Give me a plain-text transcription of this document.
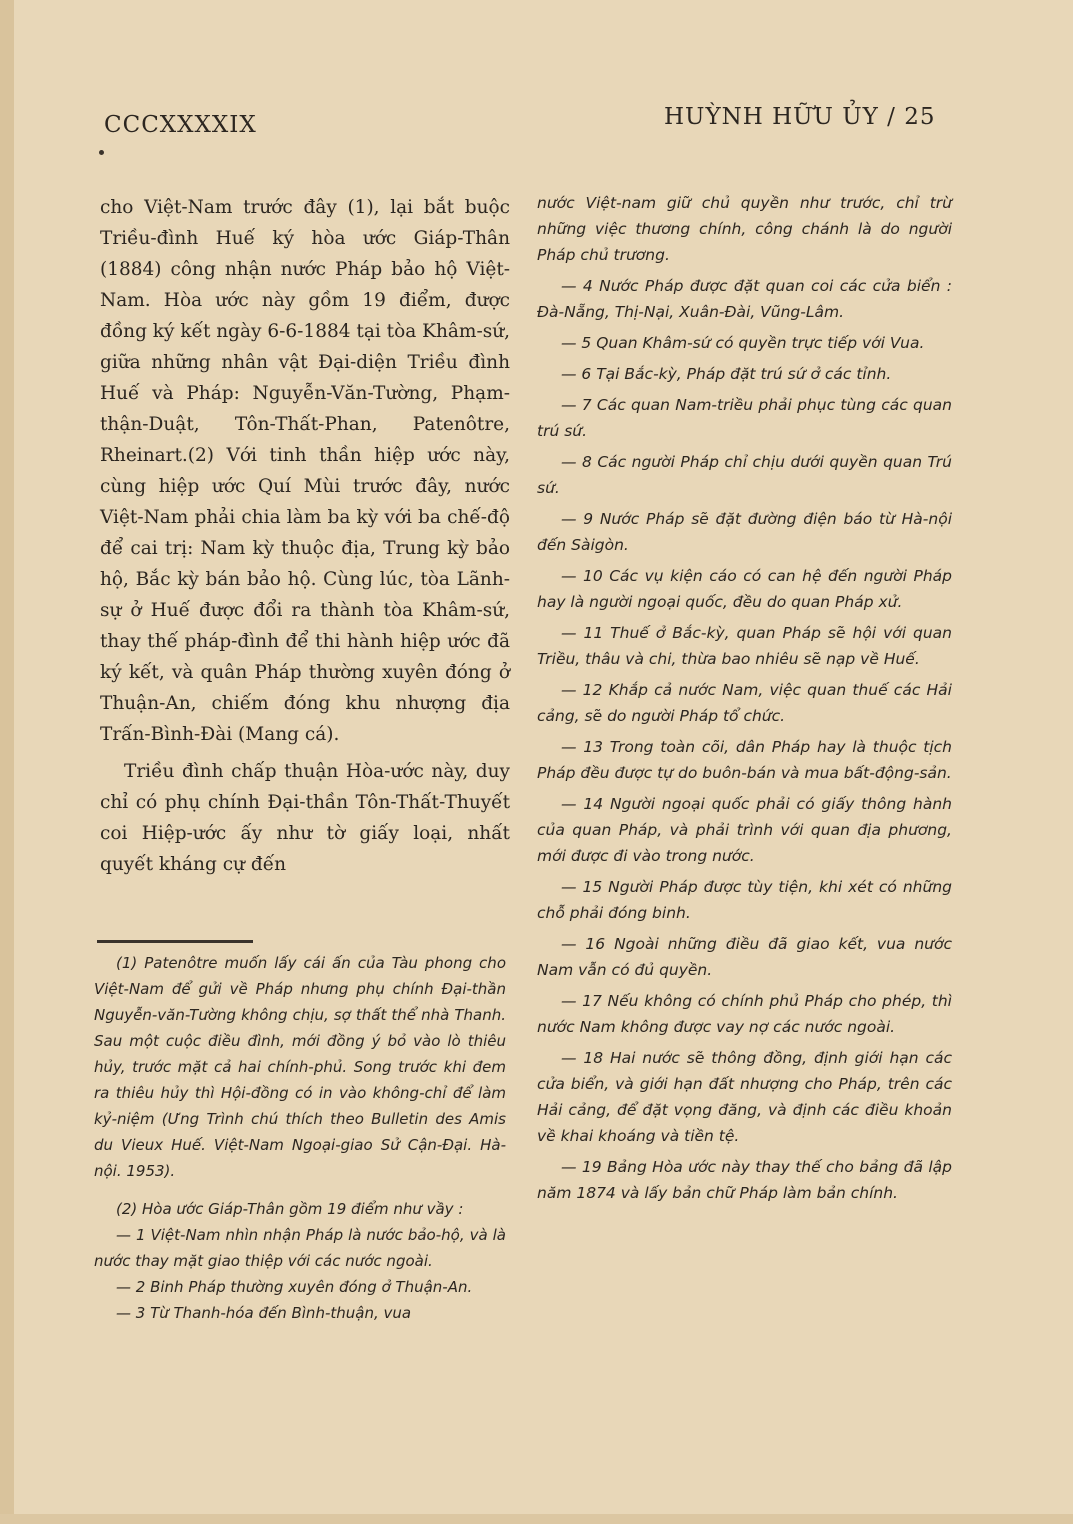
CCCXXXXIX	HUỲNH HỮU ỦY / 25

cho Việt-Nam trước đây (1), lại bắt buộc Triều-đình Huế ký hòa ước Giáp-Thân (1884) công nhận nước Pháp bảo hộ Việt-Nam. Hòa ước này gồm 19 điểm, được đồng ký kết ngày 6-6-1884 tại tòa Khâm-sứ, giữa những nhân vật Đại-diện Triều đình Huế và Pháp: Nguyễn-Văn-Tường, Phạm-thận-Duật, Tôn-Thất-Phan, Patenôtre, Rheinart.(2) Với tinh thần hiệp ước này, cùng hiệp ước Quí Mùi trước đây, nước Việt-Nam phải chia làm ba kỳ với ba chế-độ để cai trị: Nam kỳ thuộc địa, Trung kỳ bảo hộ, Bắc kỳ bán bảo hộ. Cùng lúc, tòa Lãnh-sự ở Huế được đổi ra thành tòa Khâm-sứ, thay thế pháp-đình để thi hành hiệp ước đã ký kết, và quân Pháp thường xuyên đóng ở Thuận-An, chiếm đóng khu nhượng địa Trấn-Bình-Đài (Mang cá).

Triều đình chấp thuận Hòa-ước này, duy chỉ có phụ chính Đại-thần Tôn-Thất-Thuyết coi Hiệp-ước ấy như tờ giấy loại, nhất quyết kháng cự đến

(1) Patenôtre muốn lấy cái ấn của Tàu phong cho Việt-Nam để gửi về Pháp nhưng phụ chính Đại-thần Nguyễn-văn-Tường không chịu, sợ thất thể nhà Thanh. Sau một cuộc điều đình, mới đồng ý bỏ vào lò thiêu hủy, trước mặt cả hai chính-phủ. Song trước khi đem ra thiêu hủy thì Hội-đồng có in vào không-chỉ để làm kỷ-niệm (Ưng Trình chú thích theo Bulletin des Amis du Vieux Huế. Việt-Nam Ngoại-giao Sử Cận-Đại. Hà-nội. 1953).

(2) Hòa ước Giáp-Thân gồm 19 điểm như vầy :

— 1 Việt-Nam nhìn nhận Pháp là nước bảo-hộ, và là nước thay mặt giao thiệp với các nước ngoài.

— 2 Binh Pháp thường xuyên đóng ở Thuận-An.

— 3 Từ Thanh-hóa đến Bình-thuận, vua

nước Việt-nam giữ chủ quyền như trước, chỉ trừ những việc thương chính, công chánh là do người Pháp chủ trương.

— 4 Nước Pháp được đặt quan coi các cửa biển : Đà-Nẵng, Thị-Nại, Xuân-Đài, Vũng-Lâm.

— 5 Quan Khâm-sứ có quyền trực tiếp với Vua.

— 6 Tại Bắc-kỳ, Pháp đặt trú sứ ở các tỉnh.

— 7 Các quan Nam-triều phải phục tùng các quan trú sứ.

— 8 Các người Pháp chỉ chịu dưới quyền quan Trú sứ.

— 9 Nước Pháp sẽ đặt đường điện báo từ Hà-nội đến Sàigòn.

— 10 Các vụ kiện cáo có can hệ đến người Pháp hay là người ngoại quốc, đều do quan Pháp xử.

— 11 Thuế ở Bắc-kỳ, quan Pháp sẽ hội với quan Triều, thâu và chi, thừa bao nhiêu sẽ nạp về Huế.

— 12 Khắp cả nước Nam, việc quan thuế các Hải cảng, sẽ do người Pháp tổ chức.

— 13 Trong toàn cõi, dân Pháp hay là thuộc tịch Pháp đều được tự do buôn-bán và mua bất-động-sản.

— 14 Người ngoại quốc phải có giấy thông hành của quan Pháp, và phải trình với quan địa phương, mới được đi vào trong nước.

— 15 Người Pháp được tùy tiện, khi xét có những chỗ phải đóng binh.

— 16 Ngoài những điều đã giao kết, vua nước Nam vẫn có đủ quyền.

— 17 Nếu không có chính phủ Pháp cho phép, thì nước Nam không được vay nợ các nước ngoài.

— 18 Hai nước sẽ thông đồng, định giới hạn các cửa biển, và giới hạn đất nhượng cho Pháp, trên các Hải cảng, để đặt vọng đăng, và định các điều khoản về khai khoáng và tiền tệ.

— 19 Bảng Hòa ước này thay thế cho bảng đã lập năm 1874 và lấy bản chữ Pháp làm bản chính.
